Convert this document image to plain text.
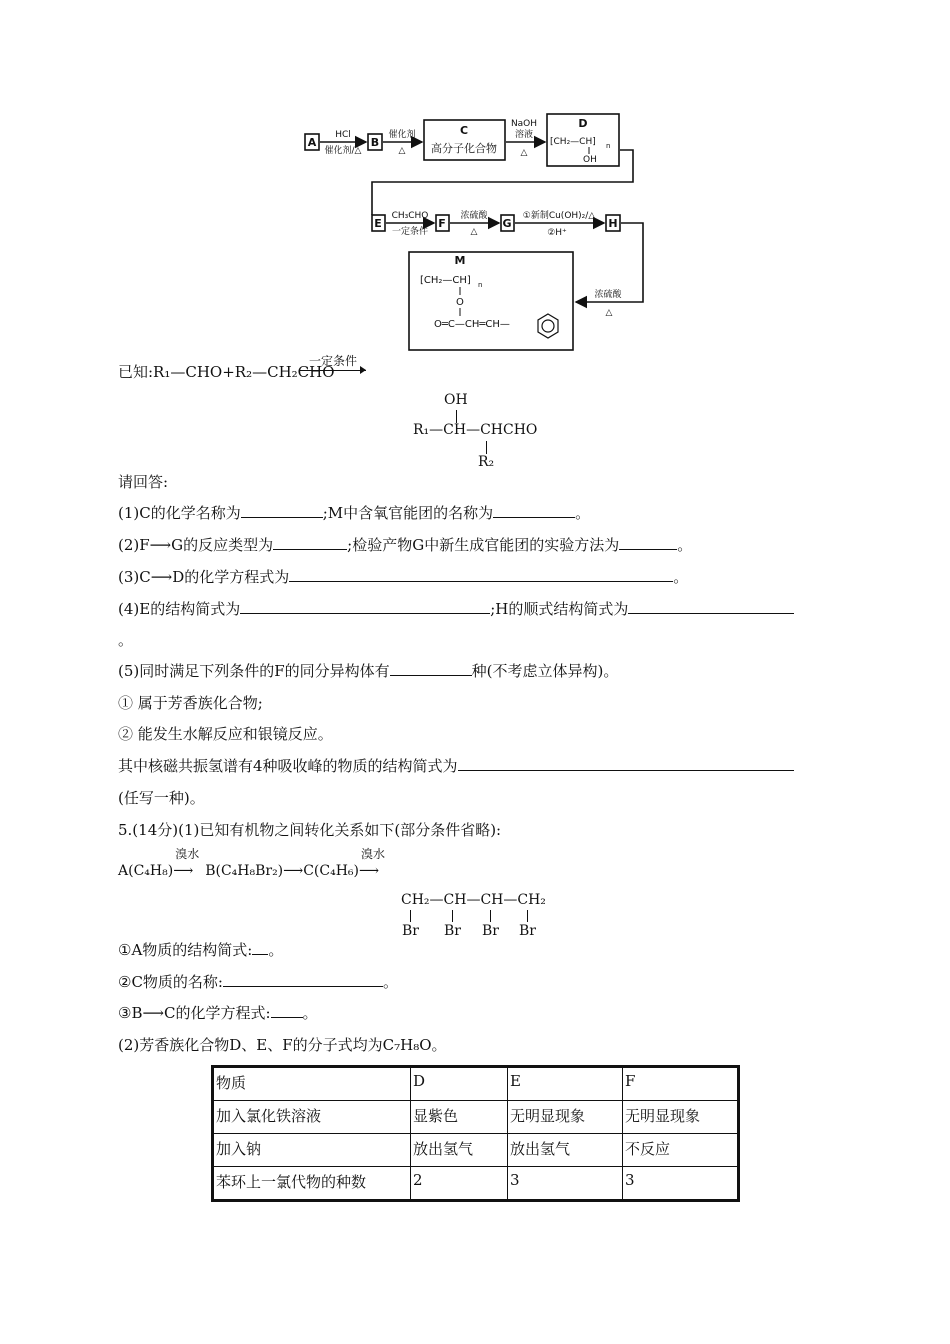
A	B
C
高分子化合物
D
E	F	G	H
M
HCl
催化剂/△
催化剂
△
NaOH
溶液
△
CH₃CHO
一定条件
浓硫酸
△
①新制Cu(OH)₂/△
②H⁺
浓硫酸
△
[CH₂—CH] n
OH
[CH₂—CH] n
O
O═C—CH═CH—
已知:R₁—CHO+R₂—CH₂CHO
一定条件
OH
R₁—CH—CHCHO
R₂
请回答:
(1)C的化学名称为	;M中含氧官能团的名称为	。
(2)F⟶G的反应类型为	;检验产物G中新生成官能团的实验方法为	。
(3)C⟶D的化学方程式为	。
(4)E的结构简式为	;H的顺式结构简式为
。
(5)同时满足下列条件的F的同分异构体有	种(不考虑立体异构)。
① 属于芳香族化合物;
② 能发生水解反应和银镜反应。
其中核磁共振氢谱有4种吸收峰的物质的结构简式为
(任写一种)。
5.(14分)(1)已知有机物之间转化关系如下(部分条件省略):
A(C₄H₈)
溴水
⟶ B(C₄H₈Br₂)⟶C(C₄H₆)
溴水
⟶
CH₂—CH—CH—CH₂
Br Br Br Br
①A物质的结构简式: 。
②C物质的名称:	。
③B⟶C的化学方程式: 。
(2)芳香族化合物D、E、F的分子式均为C₇H₈O。
物质	D	E	F
加入氯化铁溶液	显紫色	无明显现象	无明显现象
加入钠	放出氢气	放出氢气	不反应
苯环上一氯代物的种数	2	3	3
